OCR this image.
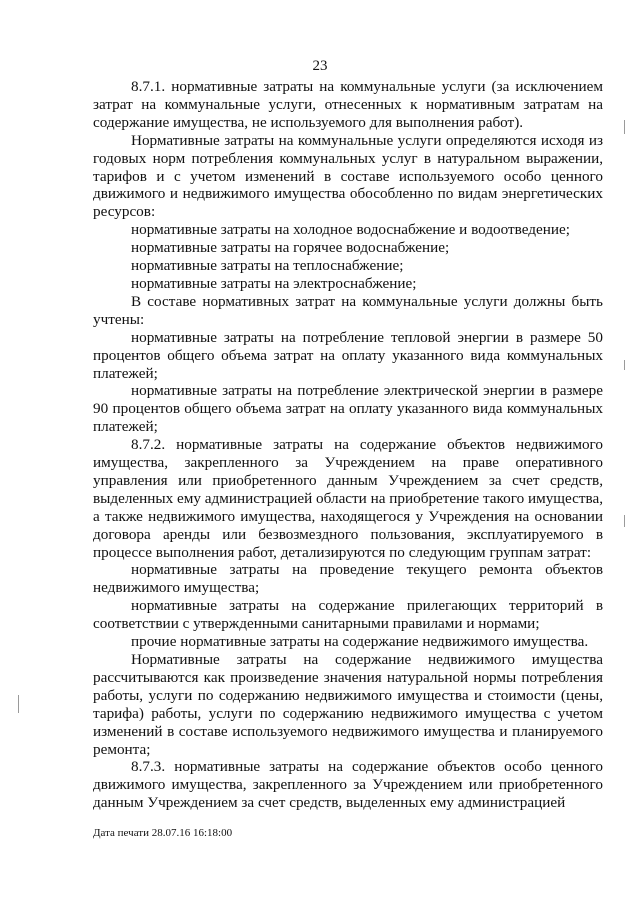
23

8.7.1. нормативные затраты на коммунальные услуги (за исключением затрат на коммунальные услуги, отнесенных к нормативным затратам на содержание имущества, не используемого для выполнения работ).

Нормативные затраты на коммунальные услуги определяются исходя из годовых норм потребления коммунальных услуг в натуральном выражении, тарифов и с учетом изменений в составе используемого особо ценного движимого и недвижимого имущества обособленно по видам энергетических ресурсов:

нормативные затраты на холодное водоснабжение и водоотведение;

нормативные затраты на горячее водоснабжение;

нормативные затраты на теплоснабжение;

нормативные затраты на электроснабжение;

В составе нормативных затрат на коммунальные услуги должны быть учтены:

нормативные затраты на потребление тепловой энергии в размере 50 процентов общего объема затрат на оплату указанного вида коммунальных платежей;

нормативные затраты на потребление электрической энергии в размере 90 процентов общего объема затрат на оплату указанного вида коммунальных платежей;

8.7.2. нормативные затраты на содержание объектов недвижимого имущества, закрепленного за Учреждением на праве оперативного управления или приобретенного данным Учреждением за счет средств, выделенных ему администрацией области на приобретение такого имущества, а также недвижимого имущества, находящегося у Учреждения на основании договора аренды или безвозмездного пользования, эксплуатируемого в процессе выполнения работ, детализируются по следующим группам затрат:

нормативные затраты на проведение текущего ремонта объектов недвижимого имущества;

нормативные затраты на содержание прилегающих территорий в соответствии с утвержденными санитарными правилами и нормами;

прочие нормативные затраты на содержание недвижимого имущества.

Нормативные затраты на содержание недвижимого имущества рассчитываются как произведение значения натуральной нормы потребления работы, услуги по содержанию недвижимого имущества и стоимости (цены, тарифа) работы, услуги по содержанию недвижимого имущества с учетом изменений в составе используемого недвижимого имущества и планируемого ремонта;

8.7.3. нормативные затраты на содержание объектов особо ценного движимого имущества, закрепленного за Учреждением или приобретенного данным Учреждением за счет средств, выделенных ему администрацией

Дата печати 28.07.16 16:18:00
